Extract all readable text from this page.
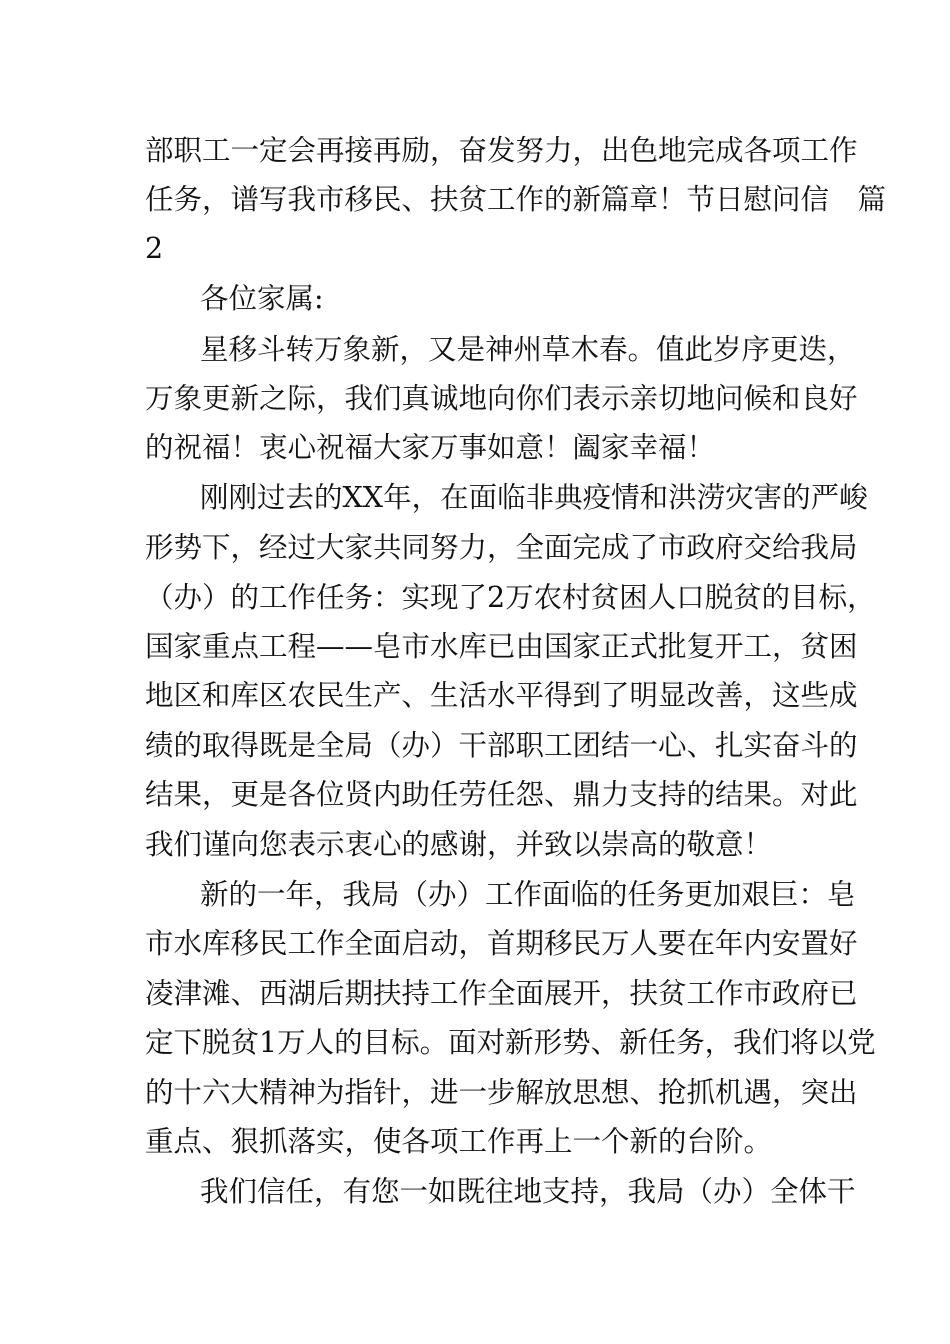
部职工一定会再接再励，奋发努力，出色地完成各项工作
任务，谱写我市移民、扶贫工作的新篇章！节日慰问信　篇
2
各位家属:
星移斗转万象新，又是神州草木春。值此岁序更迭，
万象更新之际，我们真诚地向你们表示亲切地问候和良好
的祝福！衷心祝福大家万事如意！阖家幸福！
刚刚过去的XX年，在面临非典疫情和洪涝灾害的严峻
形势下，经过大家共同努力，全面完成了市政府交给我局
（办）的工作任务：实现了2万农村贫困人口脱贫的目标，
国家重点工程——皂市水库已由国家正式批复开工，贫困
地区和库区农民生产、生活水平得到了明显改善，这些成
绩的取得既是全局（办）干部职工团结一心、扎实奋斗的
结果，更是各位贤内助任劳任怨、鼎力支持的结果。对此
我们谨向您表示衷心的感谢，并致以崇高的敬意！
新的一年，我局（办）工作面临的任务更加艰巨：皂
市水库移民工作全面启动，首期移民万人要在年内安置好
凌津滩、西湖后期扶持工作全面展开，扶贫工作市政府已
定下脱贫1万人的目标。面对新形势、新任务，我们将以党
的十六大精神为指针，进一步解放思想、抢抓机遇，突出
重点、狠抓落实，使各项工作再上一个新的台阶。
我们信任，有您一如既往地支持，我局（办）全体干
